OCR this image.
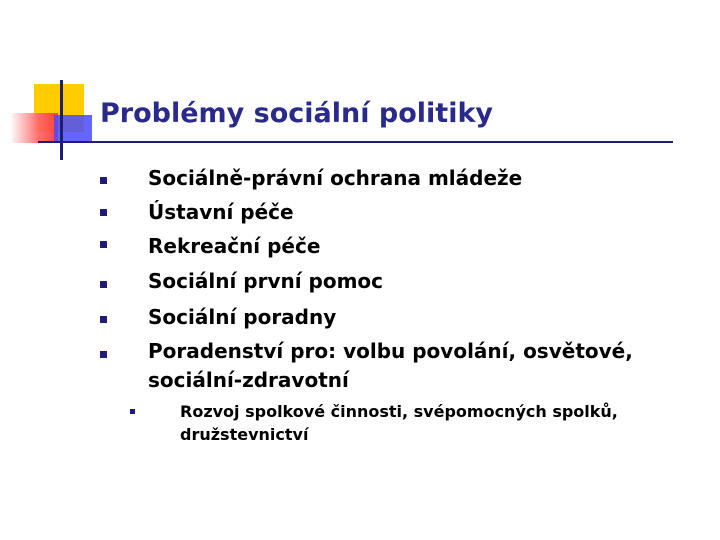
Problémy sociální politiky
Sociálně-právní ochrana mládeže
Ústavní péče
Rekreační péče
Sociální první pomoc
Sociální poradny
Poradenství pro: volbu povolání, osvětové,
sociální-zdravotní
Rozvoj spolkové činnosti, svépomocných spolků,
družstevnictví
